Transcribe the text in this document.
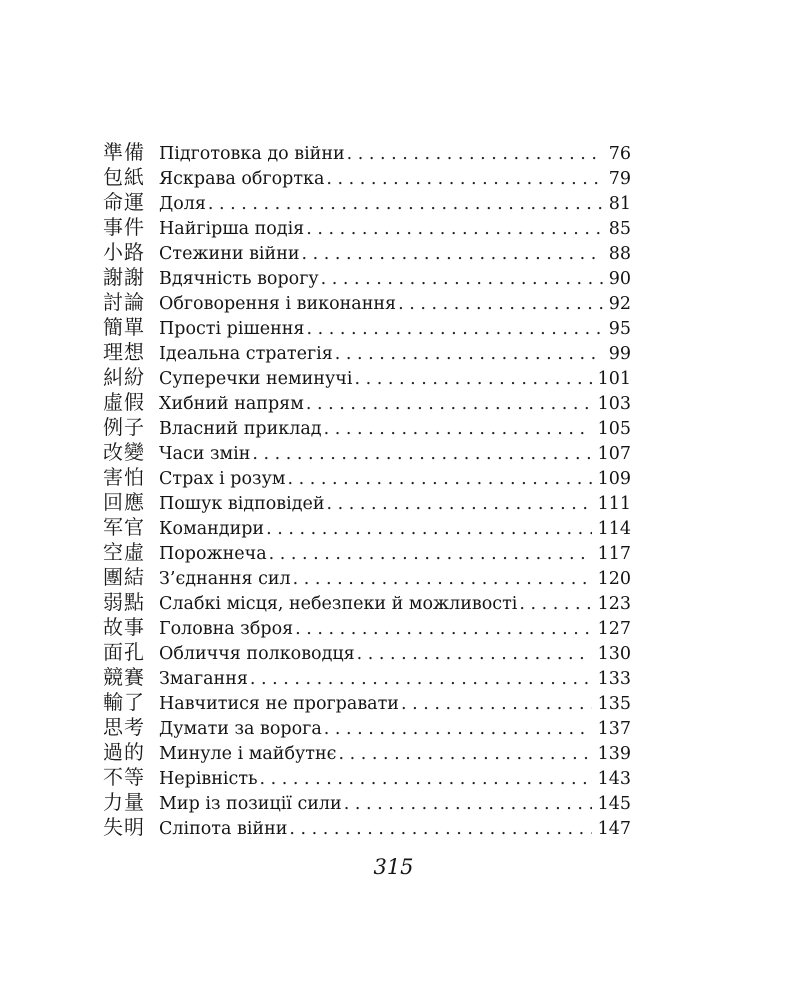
準備 Підготовка до війни . . .	76
包紙 Яскрава обгортка . . .	79
命運 Доля . . .	81
事件 Найгірша подія . . .	85
小路 Стежини війни . . .	88
謝謝 Вдячність ворогу . . .	90
討論 Обговорення і виконання . . .	92
簡單 Прості рішення . . .	95
理想 Ідеальна стратегія . . .	99
糾紛 Суперечки неминучі . . .	101
虛假 Хибний напрям . . .	103
例子 Власний приклад . . .	105
改變 Часи змін . . .	107
害怕 Страх і розум . . .	109
回應 Пошук відповідей . . .	111
军官 Командири . . .	114
空虛 Порожнеча . . .	117
團結 З’єднання сил . . .	120
弱點 Слабкі місця, небезпеки й можливості . . .	123
故事 Головна зброя . . .	127
面孔 Обличчя полководця . . .	130
競賽 Змагання . . .	133
輸了 Навчитися не програвати . . .	135
思考 Думати за ворога . . .	137
過的 Минуле і майбутнє . . .	139
不等 Нерівність . . .	143
力量 Мир із позиції сили . . .	145
失明 Сліпота війни . . .	147
315
